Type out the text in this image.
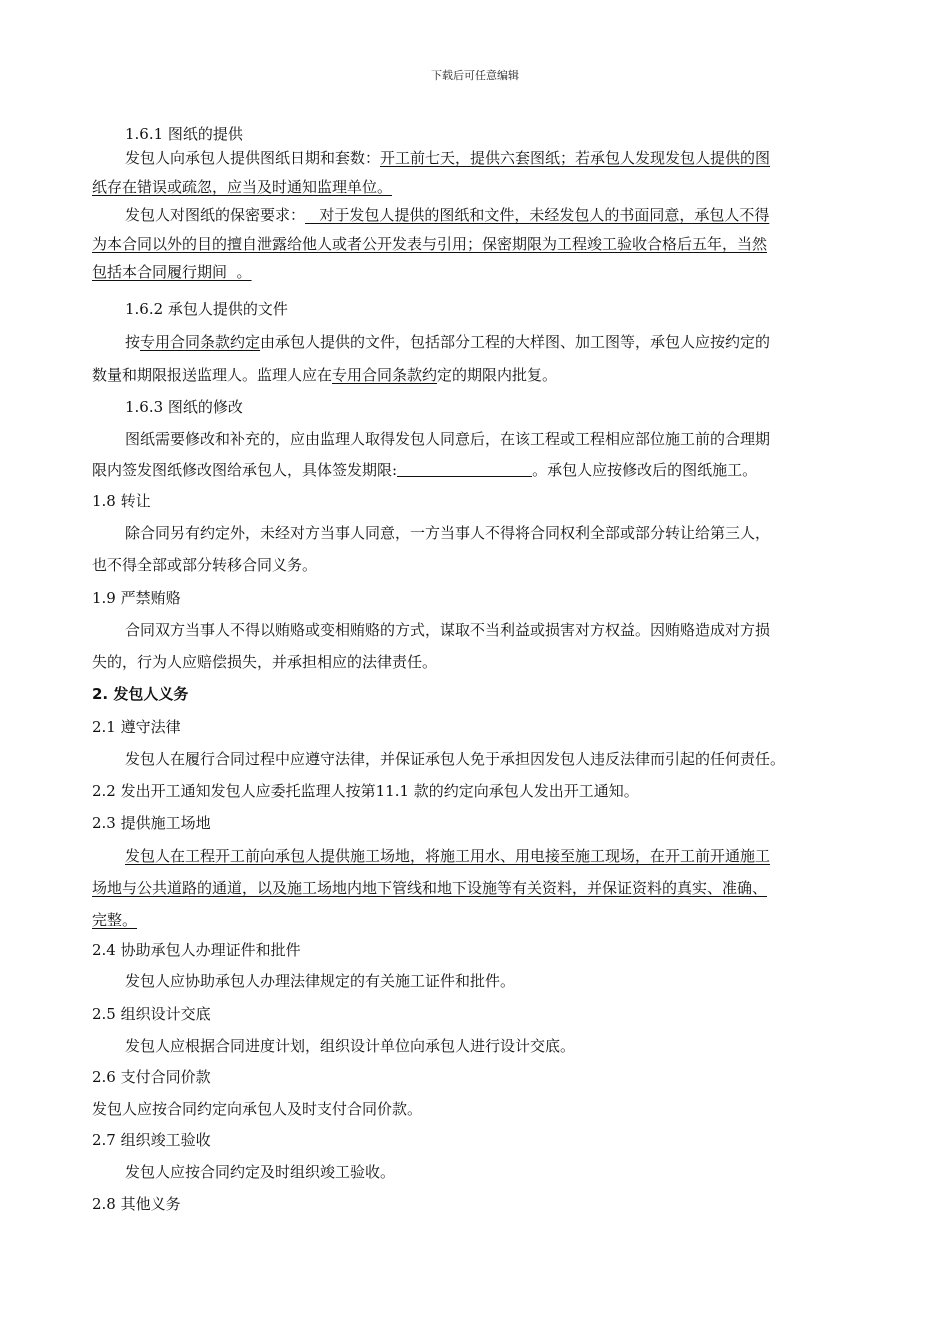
下载后可任意编辑
1.6.1 图纸的提供
发包人向承包人提供图纸日期和套数：开工前七天，提供六套图纸；若承包人发现发包人提供的图
纸存在错误或疏忽，应当及时通知监理单位。
发包人对图纸的保密要求：   对于发包人提供的图纸和文件，未经发包人的书面同意，承包人不得
为本合同以外的目的擅自泄露给他人或者公开发表与引用；保密期限为工程竣工验收合格后五年，当然
包括本合同履行期间  。
1.6.2 承包人提供的文件
按专用合同条款约定由承包人提供的文件，包括部分工程的大样图、加工图等，承包人应按约定的
数量和期限报送监理人。监理人应在专用合同条款约定的期限内批复。
1.6.3 图纸的修改
图纸需要修改和补充的，应由监理人取得发包人同意后，在该工程或工程相应部位施工前的合理期
限内签发图纸修改图给承包人，具体签发期限:	。承包人应按修改后的图纸施工。
1.8 转让
除合同另有约定外，未经对方当事人同意，一方当事人不得将合同权利全部或部分转让给第三人，
也不得全部或部分转移合同义务。
1.9 严禁贿赂
合同双方当事人不得以贿赂或变相贿赂的方式，谋取不当利益或损害对方权益。因贿赂造成对方损
失的，行为人应赔偿损失，并承担相应的法律责任。
2. 发包人义务
2.1 遵守法律
发包人在履行合同过程中应遵守法律，并保证承包人免于承担因发包人违反法律而引起的任何责任。
2.2 发出开工通知发包人应委托监理人按第11.1 款的约定向承包人发出开工通知。
2.3 提供施工场地
发包人在工程开工前向承包人提供施工场地，将施工用水、用电接至施工现场，在开工前开通施工
场地与公共道路的通道，以及施工场地内地下管线和地下设施等有关资料，并保证资料的真实、准确、
完整。
2.4 协助承包人办理证件和批件
发包人应协助承包人办理法律规定的有关施工证件和批件。
2.5 组织设计交底
发包人应根据合同进度计划，组织设计单位向承包人进行设计交底。
2.6 支付合同价款
发包人应按合同约定向承包人及时支付合同价款。
2.7 组织竣工验收
发包人应按合同约定及时组织竣工验收。
2.8 其他义务
